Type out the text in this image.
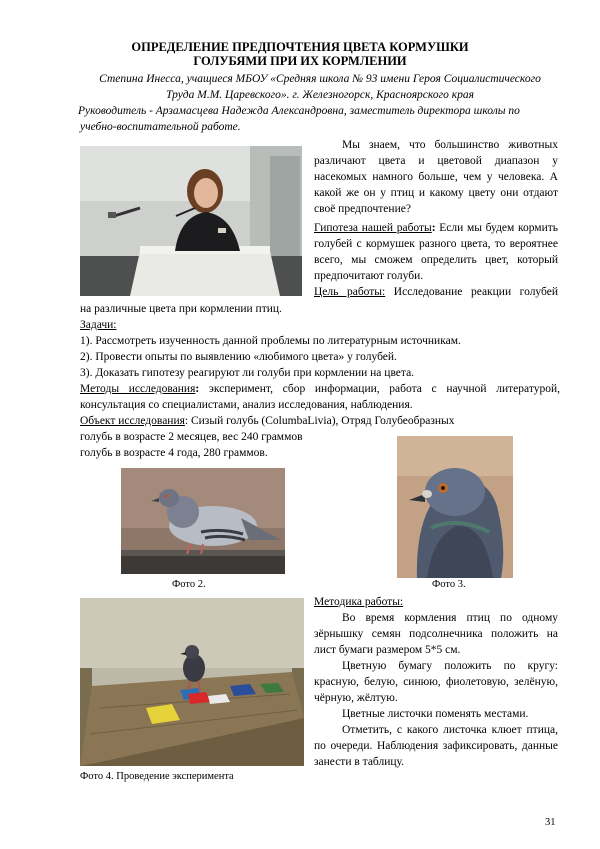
ОПРЕДЕЛЕНИЕ ПРЕДПОЧТЕНИЯ ЦВЕТА КОРМУШКИ
ГОЛУБЯМИ ПРИ ИХ КОРМЛЕНИИ
Степина Инесса, учащиеся МБОУ «Средняя школа № 93 имени Героя Социалистического
Труда М.М. Царевского». г. Железногорск, Красноярского края
Руководитель - Арзамасцева Надежда Александровна, заместитель директора школы по
учебно-воспитательной работе.
Мы знаем, что большинство животных различают цвета и цветовой диапазон у насекомых намного больше, чем у человека. А какой же он у птиц и какому цвету они отдают своё предпочтение?
Гипотеза нашей работы: Если мы будем кормить голубей с кормушек разного цвета, то вероятнее всего, мы сможем определить цвет, который предпочитают голуби.
Цель работы: Исследование реакции голубей
на различные цвета при кормлении птиц.
Задачи:
1). Рассмотреть изученность данной проблемы по литературным источникам.
2). Провести опыты по выявлению «любимого цвета» у голубей.
3). Доказать гипотезу реагируют ли голуби при кормлении на цвета.
Методы исследования: эксперимент, сбор информации, работа с научной литературой, консультация со специалистами, анализ исследования, наблюдения.
Объект исследования: Сизый голубь (ColumbaLivia), Отряд Голубеобразных
голубь в возрасте 2 месяцев, вес 240 граммов
голубь в возрасте 4 года, 280 граммов.
Фото 2.	Фото 3.
Фото 4. Проведение эксперимента
Методика работы:
Во время кормления птиц по одному зёрнышку семян подсолнечника положить на лист бумаги размером 5*5 см.
Цветную бумагу положить по кругу: красную, белую, синюю, фиолетовую, зелёную, чёрную, жёлтую.
Цветные листочки поменять местами.
Отметить, с какого листочка клюет птица, по очереди. Наблюдения зафиксировать, данные занести в таблицу.
31
